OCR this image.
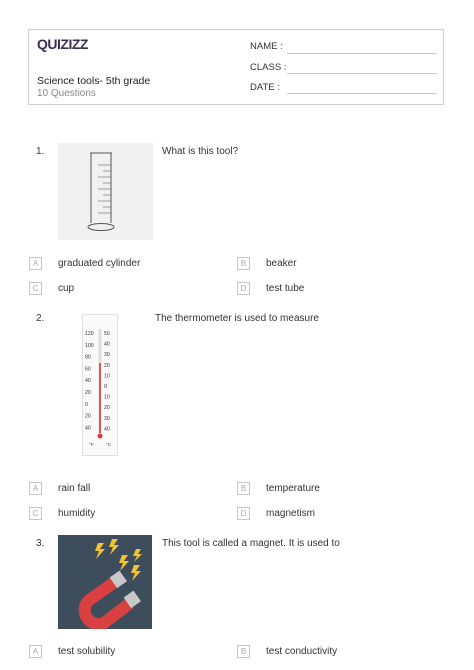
QUIZIZZ
Science tools- 5th grade
10 Questions
NAME :
CLASS :
DATE :
1.	What is this tool?
A	graduated cylinder	B	beaker
C	cup	D	test tube
2.
120
100
80
60
40
20
0
20
40
50
40
30
20
10
0
10
20
30
40
°F	°C
The thermometer is used to measure
A	rain fall	B	temperature
C	humidity	D	magnetism
3.	This tool is called a magnet. It is used to
A	test solubility	B	test conductivity
